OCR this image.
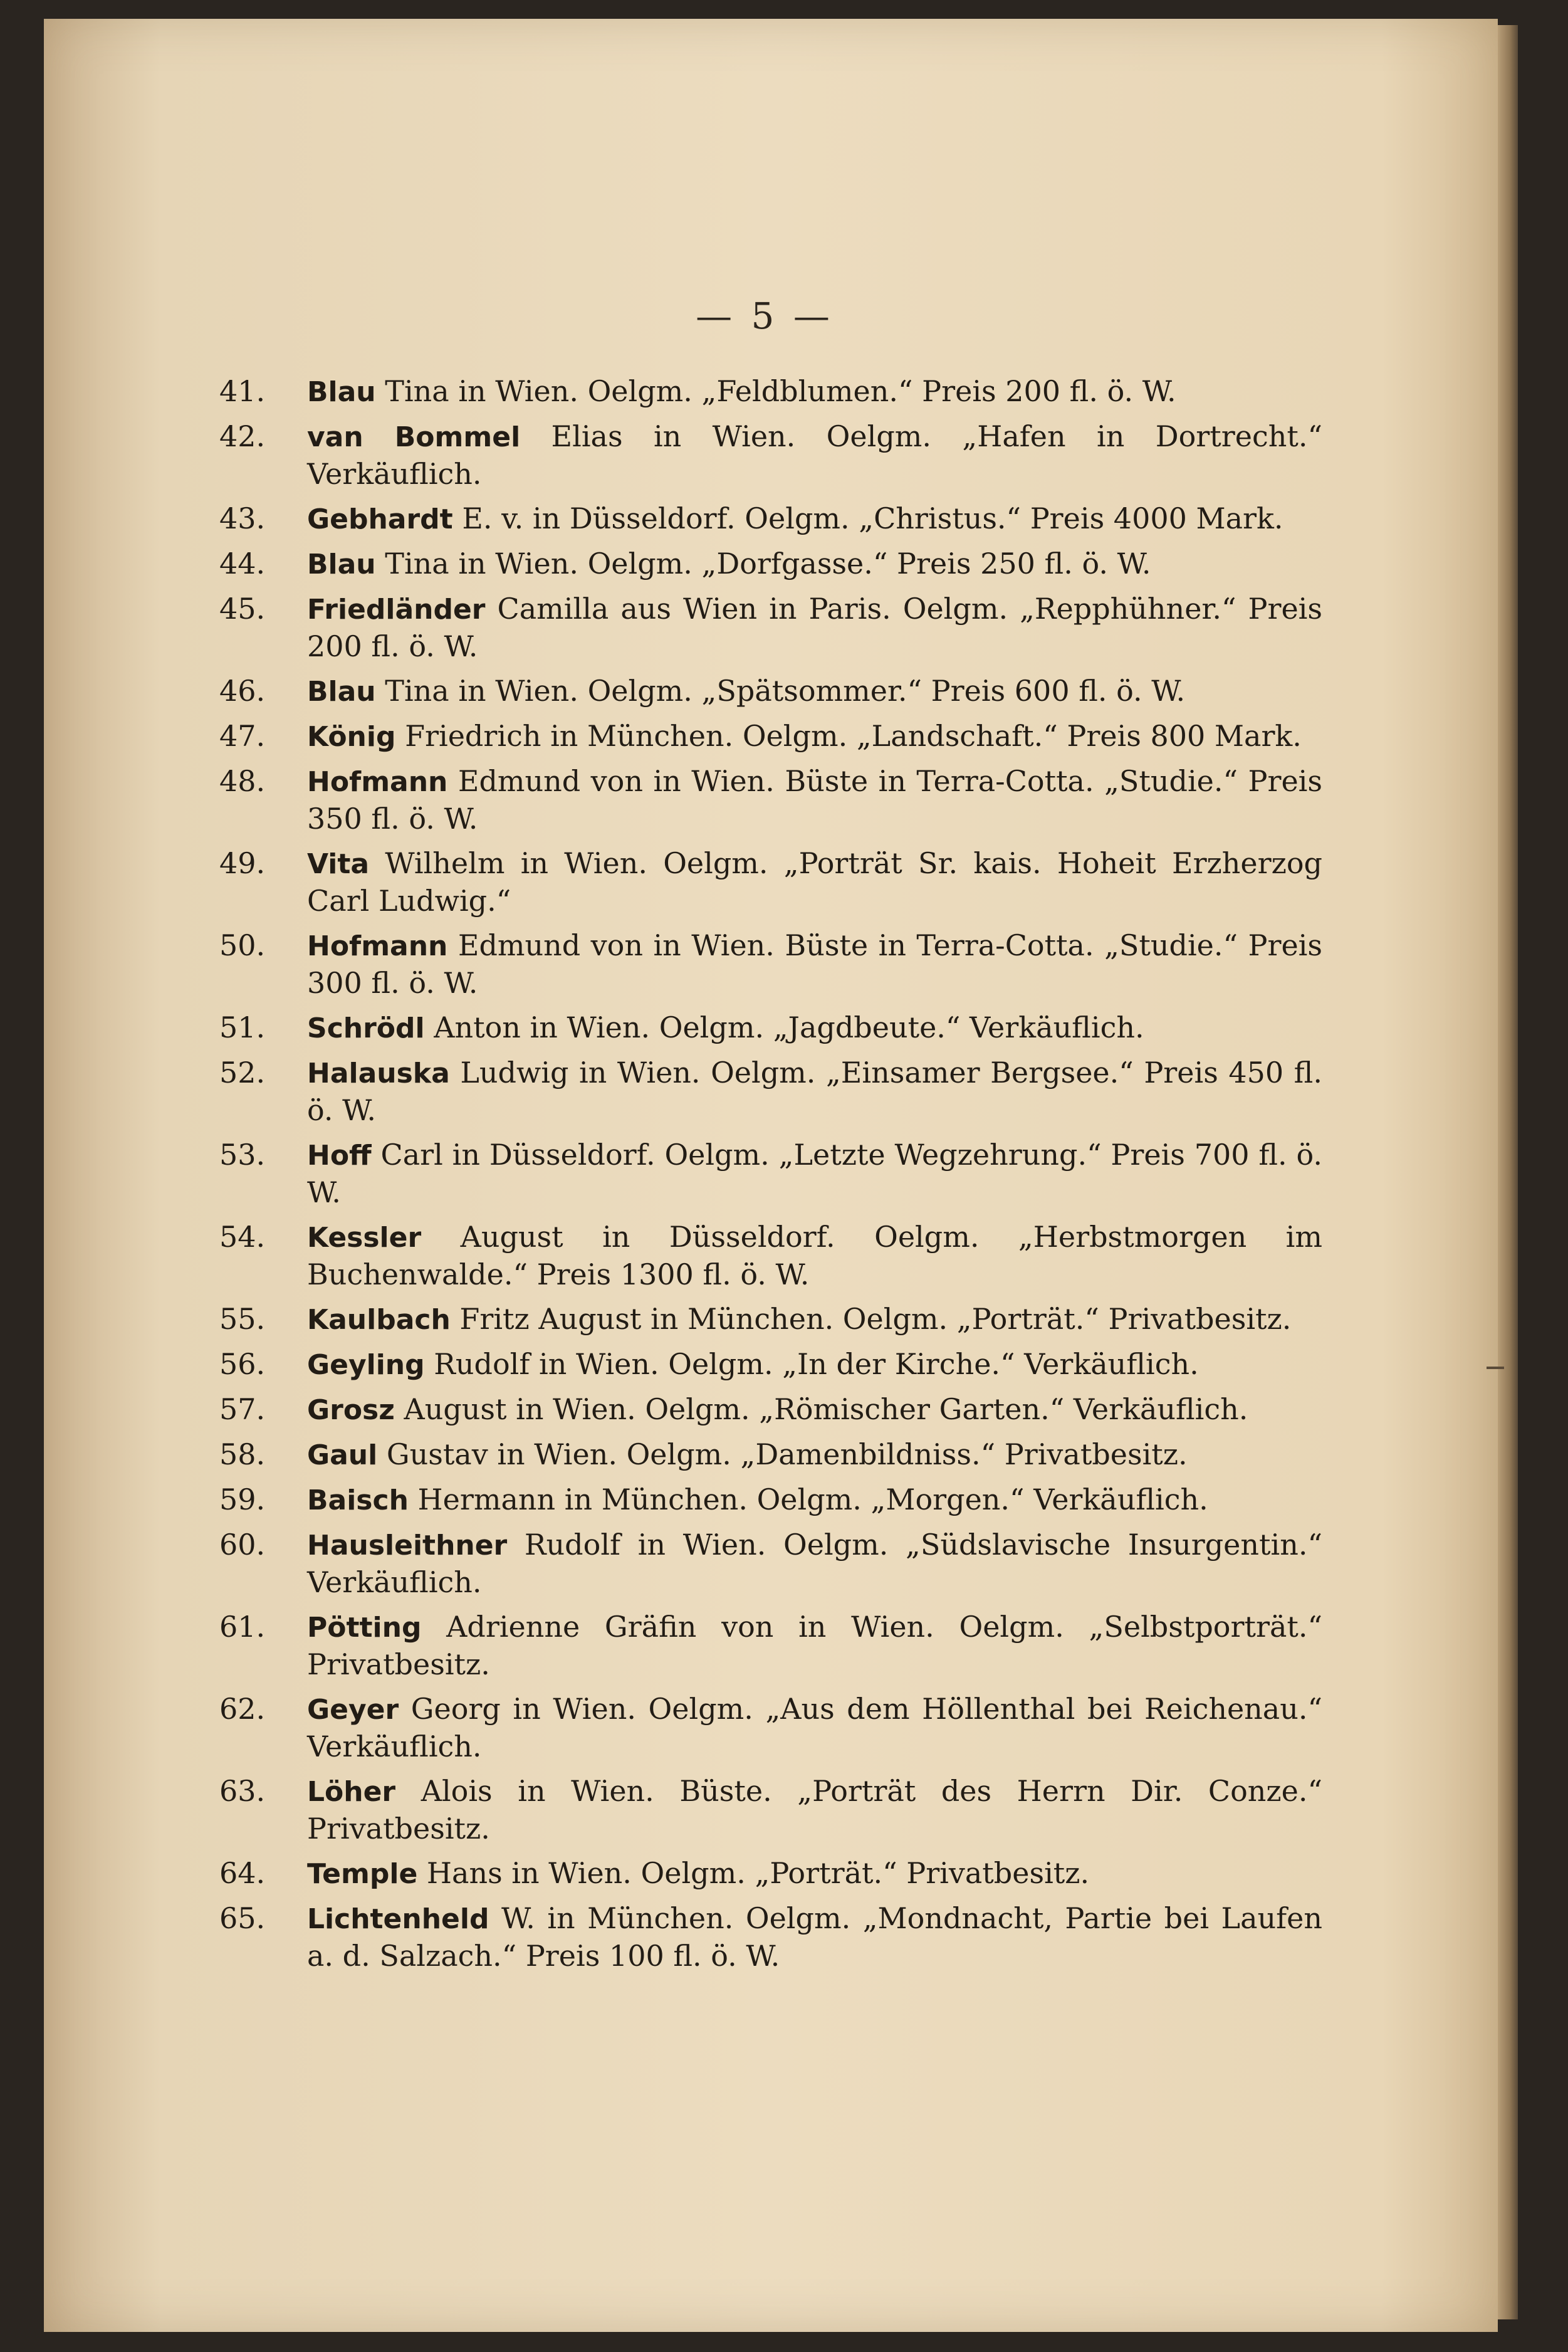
— 5 —
41.	Blau Tina in Wien. Oelgm. „Feldblumen.“ Preis 200 fl. ö. W.
42.	van Bommel Elias in Wien. Oelgm. „Hafen in Dortrecht.“ Verkäuflich.
43.	Gebhardt E. v. in Düsseldorf. Oelgm. „Christus.“ Preis 4000 Mark.
44.	Blau Tina in Wien. Oelgm. „Dorfgasse.“ Preis 250 fl. ö. W.
45.	Friedländer Camilla aus Wien in Paris. Oelgm. „Repphühner.“ Preis 200 fl. ö. W.
46.	Blau Tina in Wien. Oelgm. „Spätsommer.“ Preis 600 fl. ö. W.
47.	König Friedrich in München. Oelgm. „Landschaft.“ Preis 800 Mark.
48.	Hofmann Edmund von in Wien. Büste in Terra-Cotta. „Studie.“ Preis 350 fl. ö. W.
49.	Vita Wilhelm in Wien. Oelgm. „Porträt Sr. kais. Hoheit Erzherzog Carl Ludwig.“
50.	Hofmann Edmund von in Wien. Büste in Terra-Cotta. „Studie.“ Preis 300 fl. ö. W.
51.	Schrödl Anton in Wien. Oelgm. „Jagdbeute.“ Verkäuflich.
52.	Halauska Ludwig in Wien. Oelgm. „Einsamer Bergsee.“ Preis 450 fl. ö. W.
53.	Hoff Carl in Düsseldorf. Oelgm. „Letzte Wegzehrung.“ Preis 700 fl. ö. W.
54.	Kessler August in Düsseldorf. Oelgm. „Herbstmorgen im Buchenwalde.“ Preis 1300 fl. ö. W.
55.	Kaulbach Fritz August in München. Oelgm. „Porträt.“ Privatbesitz.
56.	Geyling Rudolf in Wien. Oelgm. „In der Kirche.“ Verkäuflich.
57.	Grosz August in Wien. Oelgm. „Römischer Garten.“ Verkäuflich.
58.	Gaul Gustav in Wien. Oelgm. „Damenbildniss.“ Privatbesitz.
59.	Baisch Hermann in München. Oelgm. „Morgen.“ Verkäuflich.
60.	Hausleithner Rudolf in Wien. Oelgm. „Südslavische Insurgentin.“ Verkäuflich.
61.	Pötting Adrienne Gräfin von in Wien. Oelgm. „Selbstporträt.“ Privatbesitz.
62.	Geyer Georg in Wien. Oelgm. „Aus dem Höllenthal bei Reichenau.“ Verkäuflich.
63.	Löher Alois in Wien. Büste. „Porträt des Herrn Dir. Conze.“ Privatbesitz.
64.	Temple Hans in Wien. Oelgm. „Porträt.“ Privatbesitz.
65.	Lichtenheld W. in München. Oelgm. „Mondnacht, Partie bei Laufen a. d. Salzach.“ Preis 100 fl. ö. W.
